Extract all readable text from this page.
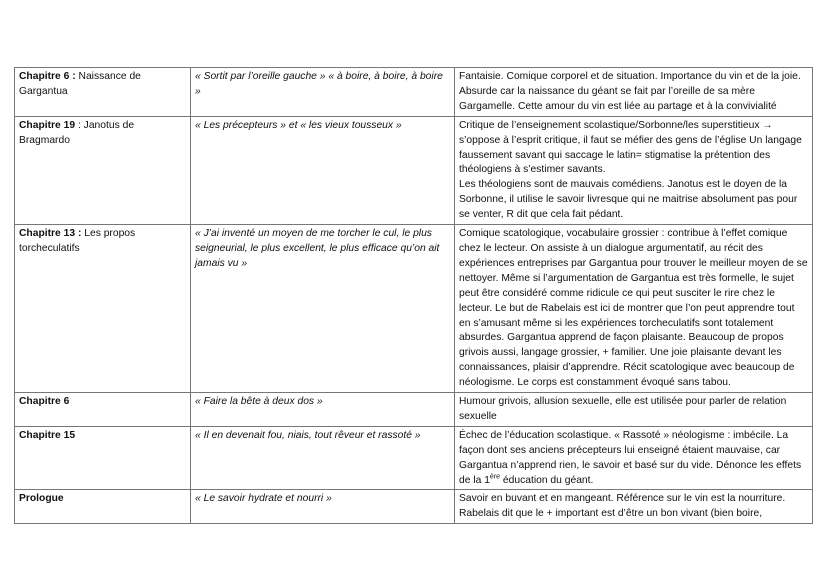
Chapitre 6 : Naissance de Gargantua	« Sortit par l’oreille gauche » « à boire, à boire, à boire »	Fantaisie. Comique corporel et de situation. Importance du vin et de la joie. Absurde car la naissance du géant se fait par l’oreille de sa mère Gargamelle. Cette amour du vin est liée au partage et à la convivialité

Chapitre 19 : Janotus de Bragmardo	« Les précepteurs » et « les vieux tousseux »	Critique de l’enseignement scolastique/Sorbonne/les superstitieux → s’oppose à l’esprit critique, il faut se méfier des gens de l’église Un langage faussement savant qui saccage le latin= stigmatise la prétention des théologiens à s’estimer savants.
Les théologiens sont de mauvais comédiens. Janotus est le doyen de la Sorbonne, il utilise le savoir livresque qui ne maitrise absolument pas pour se venter, R dit que cela fait pédant.

Chapitre 13 : Les propos torcheculatifs	« J’ai inventé un moyen de me torcher le cul, le plus seigneurial, le plus excellent, le plus efficace qu’on ait jamais vu »	Comique scatologique, vocabulaire grossier : contribue à l’effet comique chez le lecteur. On assiste à un dialogue argumentatif, au récit des expériences entreprises par Gargantua pour trouver le meilleur moyen de se nettoyer. Même si l’argumentation de Gargantua est très formelle, le sujet peut être considéré comme ridicule ce qui peut susciter le rire chez le lecteur. Le but de Rabelais est ici de montrer que l’on peut apprendre tout en s’amusant même si les expériences torcheculatifs sont totalement absurdes. Gargantua apprend de façon plaisante. Beaucoup de propos grivois aussi, langage grossier, + familier. Une joie plaisante devant les connaissances, plaisir d’apprendre. Récit scatologique avec beaucoup de néologisme. Le corps est constamment évoqué sans tabou.

Chapitre 6	« Faire la bête à deux dos »	Humour grivois, allusion sexuelle, elle est utilisée pour parler de relation sexuelle

Chapitre 15	« Il en devenait fou, niais, tout rêveur et rassoté »	Échec de l’éducation scolastique. « Rassoté » néologisme : imbécile. La façon dont ses anciens précepteurs lui enseigné étaient mauvaise, car Gargantua n’apprend rien, le savoir et basé sur du vide. Dénonce les effets de la 1ère éducation du géant.
Prologue	« Le savoir hydrate et nourri »	Savoir en buvant et en mangeant. Référence sur le vin est la nourriture. Rabelais dit que le + important est d’être un bon vivant (bien boire,
